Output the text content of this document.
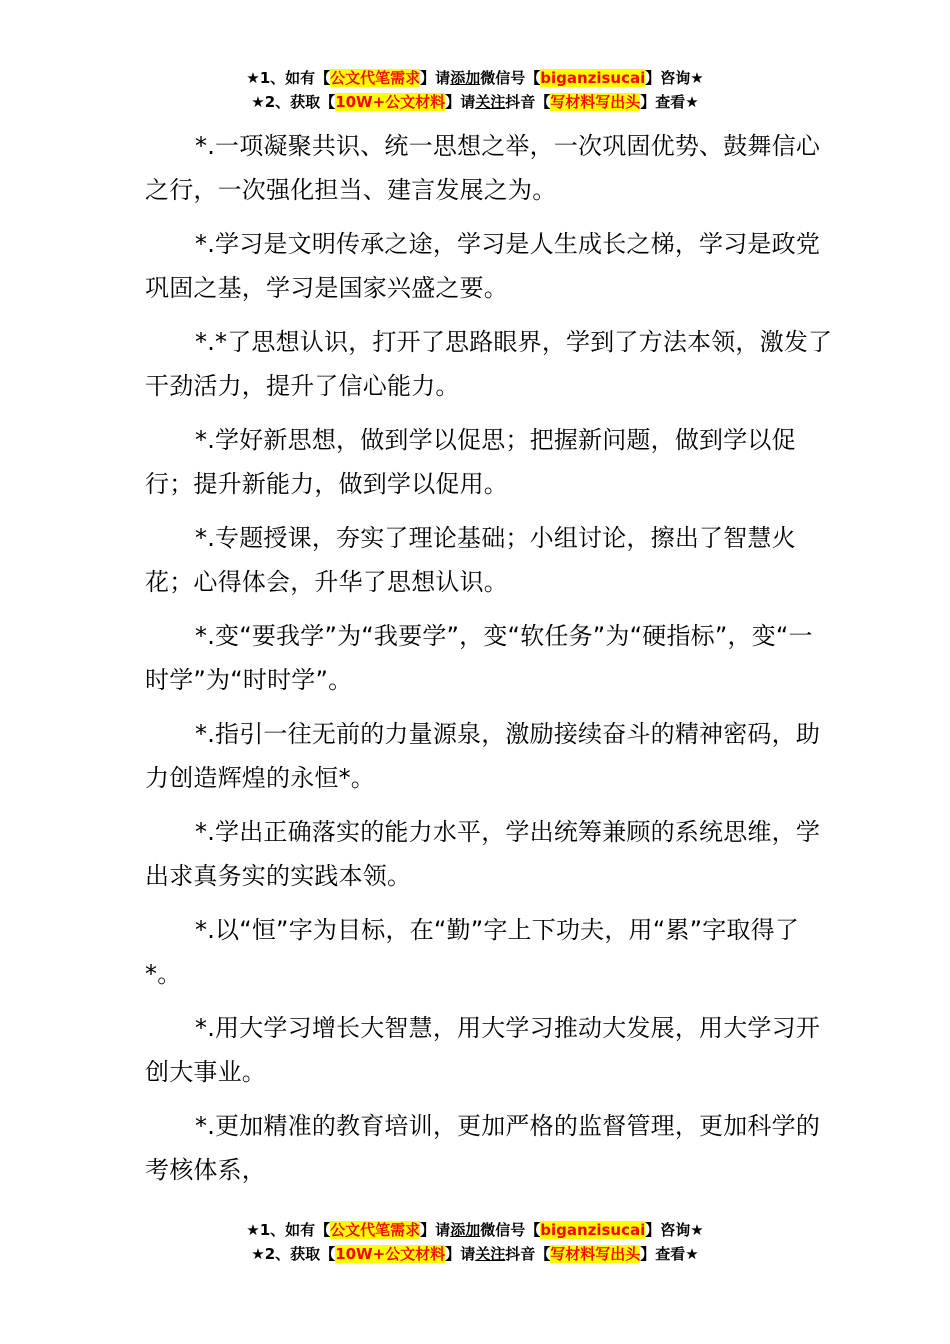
★1、如有【公文代笔需求】请添加微信号【biganzisucai】咨询★
★2、获取【10W+公文材料】请关注抖音【写材料写出头】查看★

*.一项凝聚共识、统一思想之举，一次巩固优势、鼓舞信心之行，一次强化担当、建言发展之为。

*.学习是文明传承之途，学习是人生成长之梯，学习是政党巩固之基，学习是国家兴盛之要。

*.*了思想认识，打开了思路眼界，学到了方法本领，激发了干劲活力，提升了信心能力。

*.学好新思想，做到学以促思；把握新问题，做到学以促行；提升新能力，做到学以促用。

*.专题授课，夯实了理论基础；小组讨论，擦出了智慧火花；心得体会，升华了思想认识。

*.变“要我学”为“我要学”，变“软任务”为“硬指标”，变“一时学”为“时时学”。

*.指引一往无前的力量源泉，激励接续奋斗的精神密码，助力创造辉煌的永恒*。

*.学出正确落实的能力水平，学出统筹兼顾的系统思维，学出求真务实的实践本领。

*.以“恒”字为目标，在“勤”字上下功夫，用“累”字取得了*。

*.用大学习增长大智慧，用大学习推动大发展，用大学习开创大事业。

*.更加精准的教育培训，更加严格的监督管理，更加科学的考核体系，

★1、如有【公文代笔需求】请添加微信号【biganzisucai】咨询★
★2、获取【10W+公文材料】请关注抖音【写材料写出头】查看★
